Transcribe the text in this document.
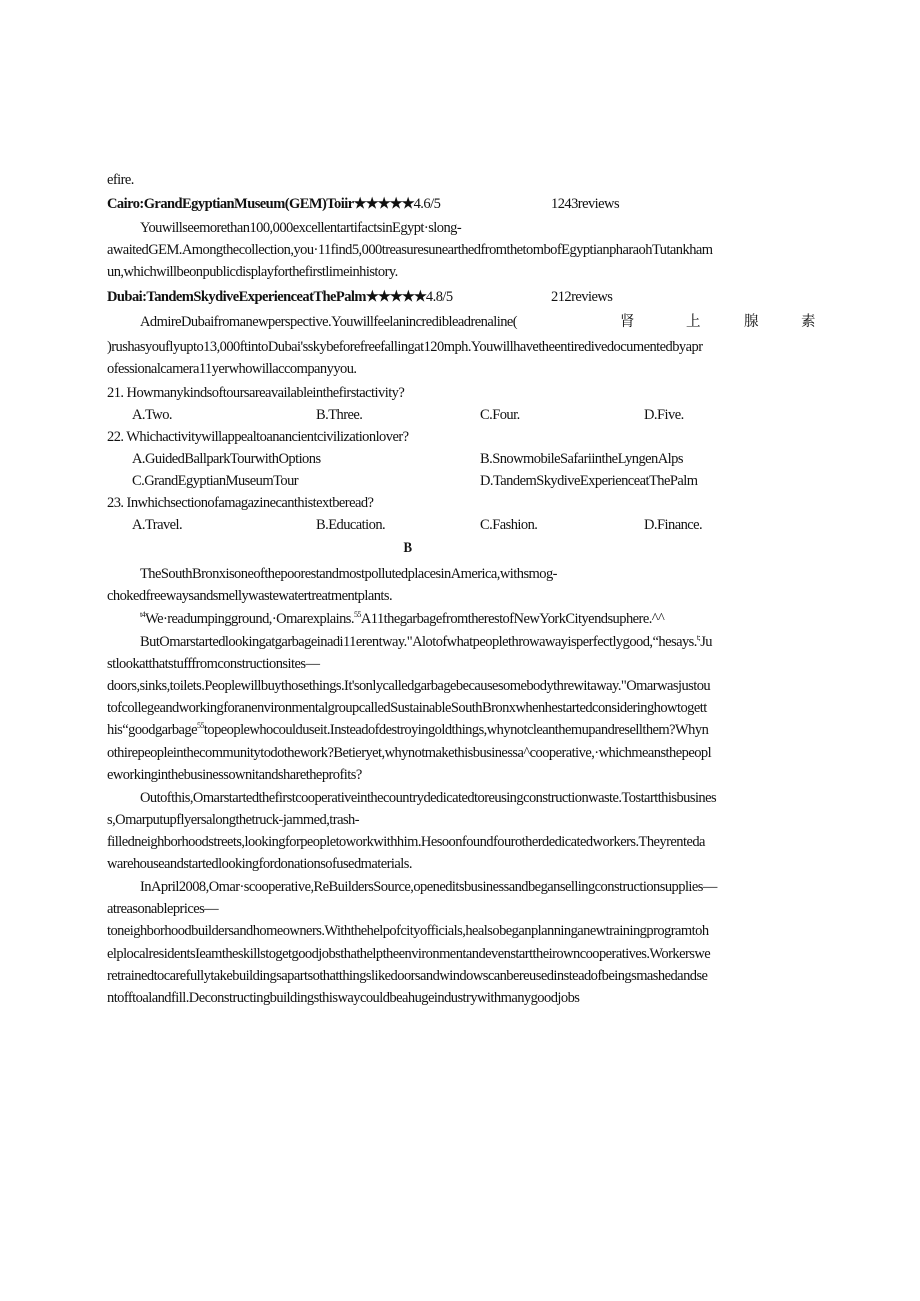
efire.
Cairo:GrandEgyptianMuseum(GEM)Toiir★★★★★4.6/5	1243reviews
Youwillseemorethan100,000excellentartifactsinEgypt·slong-
awaitedGEM.Amongthecollection,you·11find5,000treasuresunearthedfromthetombofEgyptianpharaohTutankham
un,whichwillbeonpublicdisplayforthefirstlimeinhistory.
Dubai:TandemSkydiveExperienceatThePalm★★★★★4.8/5	212reviews
AdmireDubaifromanewperspective.Youwillfeelanincredibleadrenaline(	肾	上	腺	素
)rushasyouflyupto13,000ftintoDubai'sskybeforefreefallingat120mph.Youwillhavetheentiredivedocumentedbyapr
ofessionalcamera11yerwhowillaccompanyyou.
21. Howmanykindsoftoursareavailableinthefirstactivity?
A.Two.	B.Three.	C.Four.	D.Five.
22. Whichactivitywillappealtoanancientcivilizationlover?
A.GuidedBallparkTourwithOptions	B.SnowmobileSafariintheLyngenAlps
C.GrandEgyptianMuseumTour	D.TandemSkydiveExperienceatThePalm
23. Inwhichsectionofamagazinecanthistextberead?
A.Travel.	B.Education.	C.Fashion.	D.Finance.
B
TheSouthBronxisoneofthepoorestandmostpollutedplacesinAmerica,withsmog-
chokedfreewaysandsmellywastewatertreatmentplants.
$^{t4}$We·readumpingground,·Omarexplains.$^{55}$A11thegarbagefromtherestofNewYorkCityendsuphere.^^
ButOmarstartedlookingatgarbageinadi11erentway."Alotofwhatpeoplethrowawayisperfectlygood,“hesays.$^{t;}$Ju
stlookatthatstufffromconstructionsites—
doors,sinks,toilets.Peoplewillbuythosethings.It'sonlycalledgarbagebecausesomebodythrewitaway."Omarwasjustou
tofcollegeandworkingforanenvironmentalgroupcalledSustainableSouthBronxwhenhestartedconsideringhowtogett
his“goodgarbage$^{55}$topeoplewhocoulduseit.Insteadofdestroyingoldthings,whynotcleanthemupandresellthem?Whyn
othirepeopleinthecommunitytodothework?Betieryet,whynotmakethisbusinessa^cooperative,·whichmeansthepeopl
eworkinginthebusinessownitandsharetheprofits?
Outofthis,Omarstartedthefirstcooperativeinthecountrydedicatedtoreusingconstructionwaste.Tostartthisbusines
s,Omarputupflyersalongthetruck-jammed,trash-
filledneighborhoodstreets,lookingforpeopletoworkwithhim.Hesoonfoundfourotherdedicatedworkers.Theyrenteda
warehouseandstartedlookingfordonationsofusedmaterials.
InApril2008,Omar·scooperative,ReBuildersSource,openeditsbusinessandbegansellingconstructionsupplies—
atreasonableprices—
toneighborhoodbuildersandhomeowners.Withthehelpofcityofficials,healsobeganplanninganewtrainingprogramtoh
elplocalresidentsIeamtheskillstogetgoodjobsthathelptheenvironmentandevenstarttheirowncooperatives.Workerswe
retrainedtocarefullytakebuildingsapartsothatthingslikedoorsandwindowscanbereusedinsteadofbeingsmashedandse
ntofftoalandfill.Deconstructingbuildingsthiswaycouldbeahugeindustrywithmanygoodjobs
